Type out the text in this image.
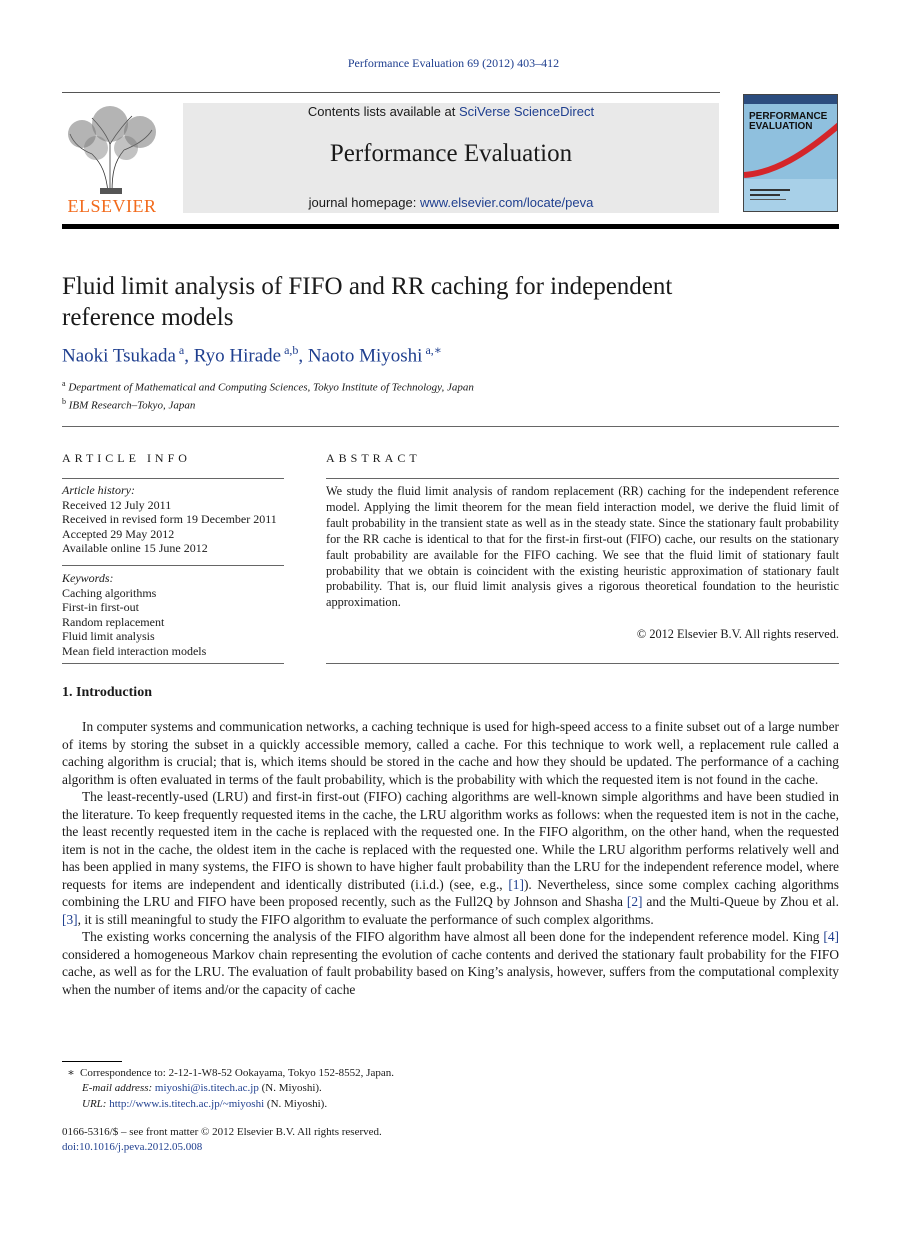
Performance Evaluation 69 (2012) 403–412
ELSEVIER
Contents lists available at SciVerse ScienceDirect
Performance Evaluation
journal homepage: www.elsevier.com/locate/peva
PERFORMANCE
EVALUATION
Fluid limit analysis of FIFO and RR caching for independent reference models
Naoki Tsukada $^a$, Ryo Hirade $^{a,b}$, Naoto Miyoshi $^{a,∗}$
$^a$ Department of Mathematical and Computing Sciences, Tokyo Institute of Technology, Japan
$^b$ IBM Research–Tokyo, Japan
ARTICLE INFO
Article history:
Received 12 July 2011
Received in revised form 19 December 2011
Accepted 29 May 2012
Available online 15 June 2012
Keywords:
Caching algorithms
First-in first-out
Random replacement
Fluid limit analysis
Mean field interaction models
ABSTRACT
We study the fluid limit analysis of random replacement (RR) caching for the independent reference model. Applying the limit theorem for the mean field interaction model, we derive the fluid limit of fault probability in the transient state as well as in the steady state. Since the stationary fault probability for the RR cache is identical to that for the first-in first-out (FIFO) cache, our results on the stationary fault probability are available for the FIFO caching. We see that the fluid limit of stationary fault probability that we obtain is coincident with the existing heuristic approximation of stationary fault probability. That is, our fluid limit analysis gives a rigorous theoretical foundation to the heuristic approximation.
© 2012 Elsevier B.V. All rights reserved.
1. Introduction

In computer systems and communication networks, a caching technique is used for high-speed access to a finite subset out of a large number of items by storing the subset in a quickly accessible memory, called a cache. For this technique to work well, a replacement rule called a caching algorithm is crucial; that is, which items should be stored in the cache and how they should be updated. The performance of a caching algorithm is often evaluated in terms of the fault probability, which is the probability with which the requested item is not found in the cache.

The least-recently-used (LRU) and first-in first-out (FIFO) caching algorithms are well-known simple algorithms and have been studied in the literature. To keep frequently requested items in the cache, the LRU algorithm works as follows: when the requested item is not in the cache, the least recently requested item in the cache is replaced with the requested one. In the FIFO algorithm, on the other hand, when the requested item is not in the cache, the oldest item in the cache is replaced with the requested one. While the LRU algorithm performs relatively well and has been applied in many systems, the FIFO is shown to have higher fault probability than the LRU for the independent reference model, where requests for items are independent and identically distributed (i.i.d.) (see, e.g., [1]). Nevertheless, since some complex caching algorithms combining the LRU and FIFO have been proposed recently, such as the Full2Q by Johnson and Shasha [2] and the Multi-Queue by Zhou et al. [3], it is still meaningful to study the FIFO algorithm to evaluate the performance of such complex algorithms.

The existing works concerning the analysis of the FIFO algorithm have almost all been done for the independent reference model. King [4] considered a homogeneous Markov chain representing the evolution of cache contents and derived the stationary fault probability for the FIFO cache, as well as for the LRU. The evaluation of fault probability based on King’s analysis, however, suffers from the computational complexity when the number of items and/or the capacity of cache

∗ Correspondence to: 2-12-1-W8-52 Ookayama, Tokyo 152-8552, Japan.
E-mail address: miyoshi@is.titech.ac.jp (N. Miyoshi).
URL: http://www.is.titech.ac.jp/~miyoshi (N. Miyoshi).
0166-5316/$ – see front matter © 2012 Elsevier B.V. All rights reserved.
doi:10.1016/j.peva.2012.05.008
